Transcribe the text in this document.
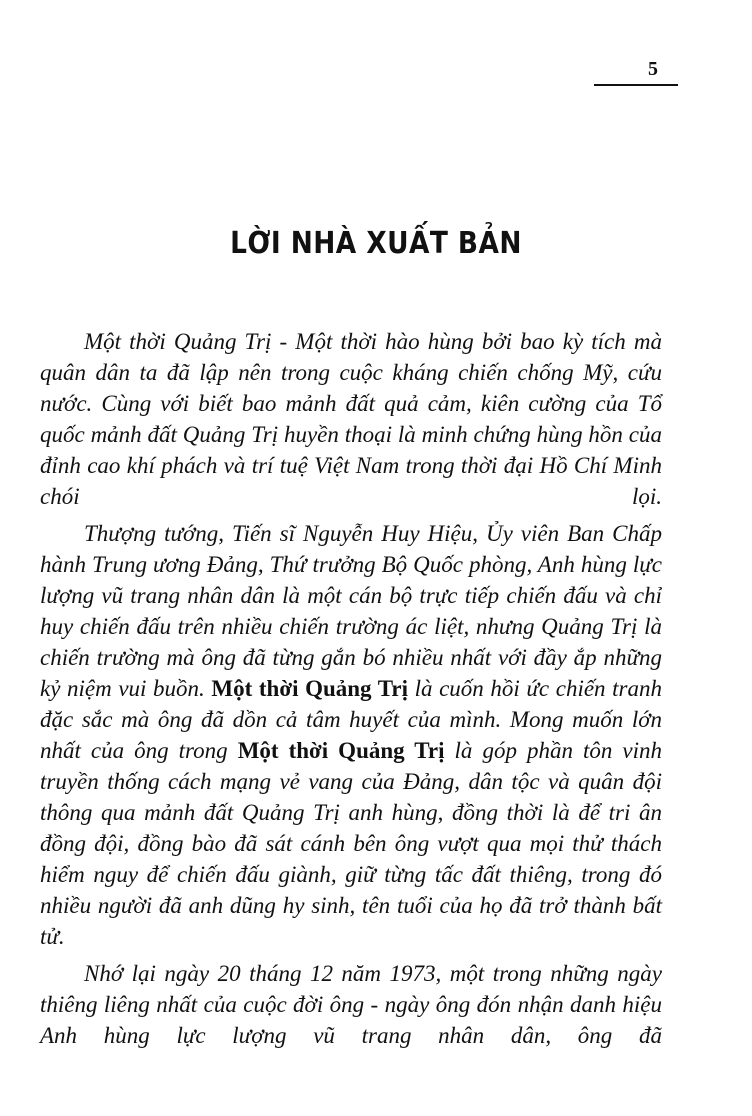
5
LỜI NHÀ XUẤT BẢN

Một thời Quảng Trị - Một thời hào hùng bởi bao kỳ tích mà quân dân ta đã lập nên trong cuộc kháng chiến chống Mỹ, cứu nước. Cùng với biết bao mảnh đất quả cảm, kiên cường của Tổ quốc mảnh đất Quảng Trị huyền thoại là minh chứng hùng hồn của đỉnh cao khí phách và trí tuệ Việt Nam trong thời đại Hồ Chí Minh chói lọi.

Thượng tướng, Tiến sĩ Nguyễn Huy Hiệu, Ủy viên Ban Chấp hành Trung ương Đảng, Thứ trưởng Bộ Quốc phòng, Anh hùng lực lượng vũ trang nhân dân là một cán bộ trực tiếp chiến đấu và chỉ huy chiến đấu trên nhiều chiến trường ác liệt, nhưng Quảng Trị là chiến trường mà ông đã từng gắn bó nhiều nhất với đầy ắp những kỷ niệm vui buồn. Một thời Quảng Trị là cuốn hồi ức chiến tranh đặc sắc mà ông đã dồn cả tâm huyết của mình. Mong muốn lớn nhất của ông trong Một thời Quảng Trị là góp phần tôn vinh truyền thống cách mạng vẻ vang của Đảng, dân tộc và quân đội thông qua mảnh đất Quảng Trị anh hùng, đồng thời là để tri ân đồng đội, đồng bào đã sát cánh bên ông vượt qua mọi thử thách hiểm nguy để chiến đấu giành, giữ từng tấc đất thiêng, trong đó nhiều người đã anh dũng hy sinh, tên tuổi của họ đã trở thành bất tử.

Nhớ lại ngày 20 tháng 12 năm 1973, một trong những ngày thiêng liêng nhất của cuộc đời ông - ngày ông đón nhận danh hiệu Anh hùng lực lượng vũ trang nhân dân, ông đã
